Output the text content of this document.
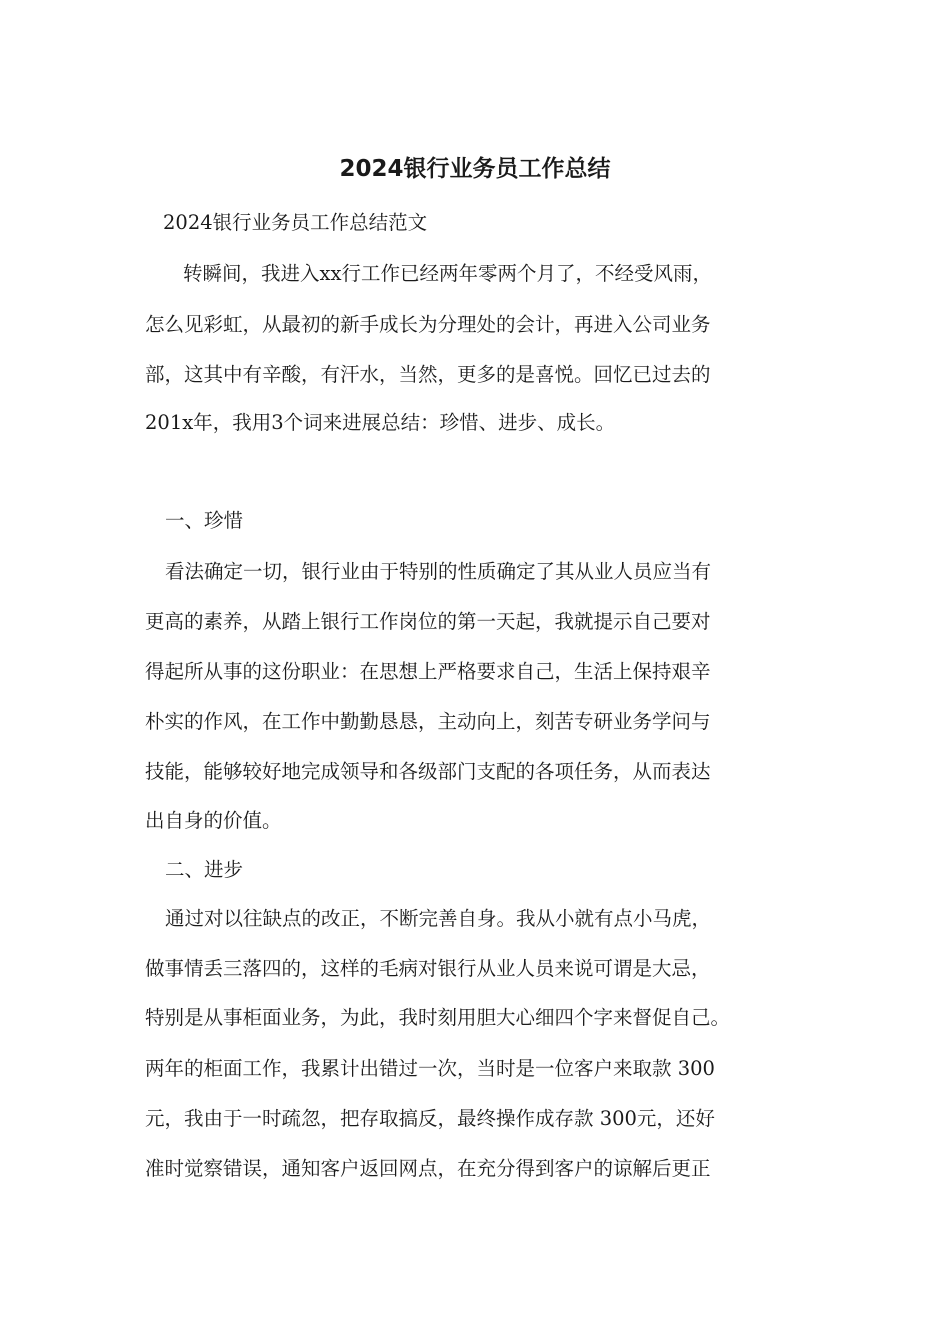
2024银行业务员工作总结
2024银行业务员工作总结范文
转瞬间，我进入xx行工作已经两年零两个月了，不经受风雨，
怎么见彩虹，从最初的新手成长为分理处的会计，再进入公司业务
部，这其中有辛酸，有汗水，当然，更多的是喜悦。回忆已过去的
201x年，我用3个词来进展总结：珍惜、进步、成长。
一、珍惜
看法确定一切，银行业由于特别的性质确定了其从业人员应当有
更高的素养，从踏上银行工作岗位的第一天起，我就提示自己要对
得起所从事的这份职业：在思想上严格要求自己，生活上保持艰辛
朴实的作风，在工作中勤勤恳恳，主动向上，刻苦专研业务学问与
技能，能够较好地完成领导和各级部门支配的各项任务，从而表达
出自身的价值。
二、进步
通过对以往缺点的改正，不断完善自身。我从小就有点小马虎，
做事情丢三落四的，这样的毛病对银行从业人员来说可谓是大忌，
特别是从事柜面业务，为此，我时刻用胆大心细四个字来督促自己。
两年的柜面工作，我累计出错过一次，当时是一位客户来取款 300
元，我由于一时疏忽，把存取搞反，最终操作成存款 300元，还好
准时觉察错误，通知客户返回网点，在充分得到客户的谅解后更正
